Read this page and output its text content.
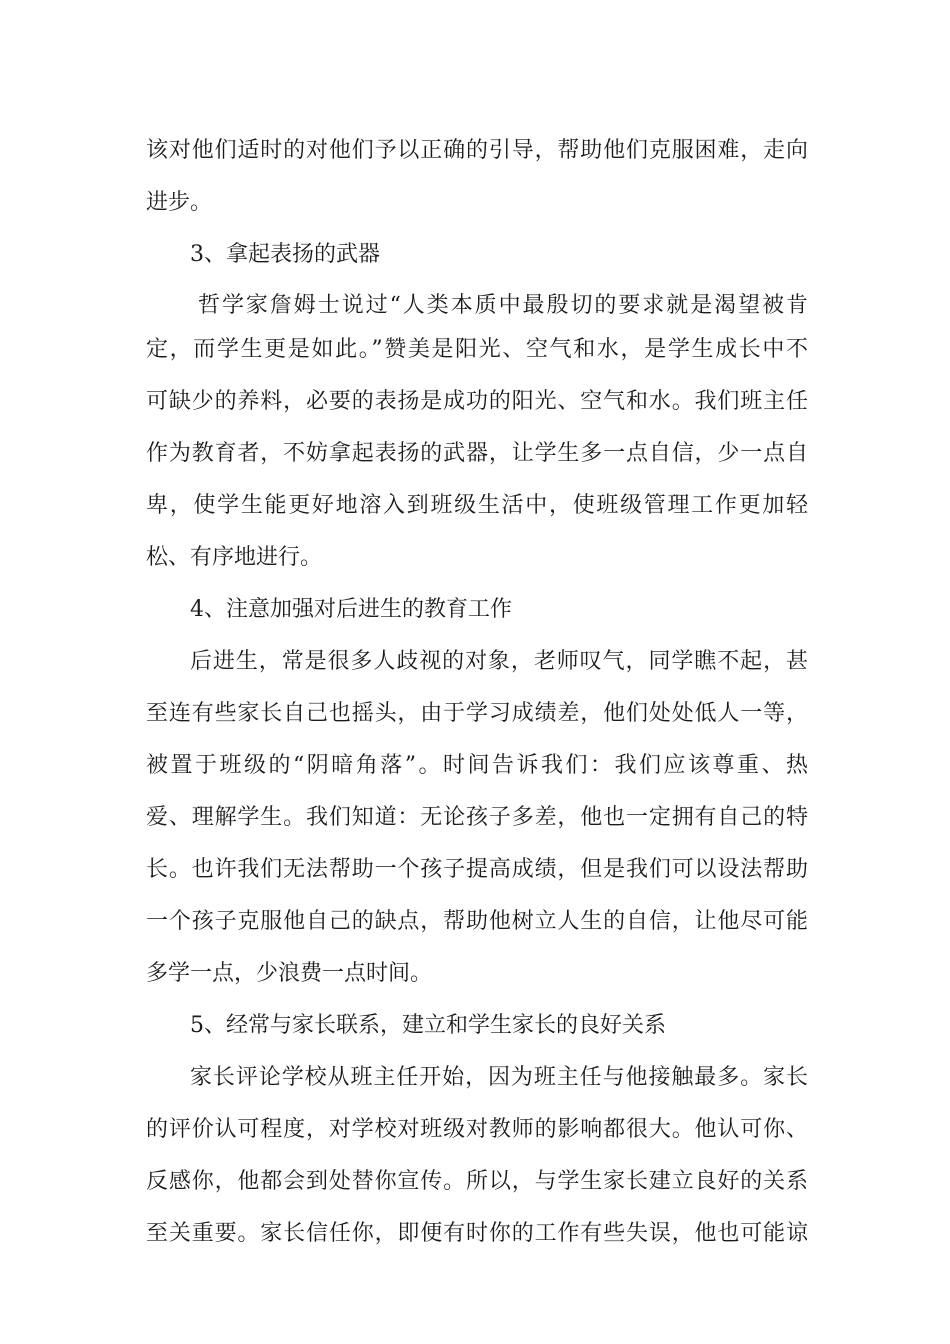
该对他们适时的对他们予以正确的引导，帮助他们克服困难，走向
进步。
3、拿起表扬的武器
哲学家詹姆士说过“人类本质中最殷切的要求就是渴望被肯
定，而学生更是如此。”赞美是阳光、空气和水，是学生成长中不
可缺少的养料，必要的表扬是成功的阳光、空气和水。我们班主任
作为教育者，不妨拿起表扬的武器，让学生多一点自信，少一点自
卑，使学生能更好地溶入到班级生活中，使班级管理工作更加轻
松、有序地进行。
4、注意加强对后进生的教育工作
后进生，常是很多人歧视的对象，老师叹气，同学瞧不起，甚
至连有些家长自己也摇头，由于学习成绩差，他们处处低人一等，
被置于班级的“阴暗角落”。时间告诉我们：我们应该尊重、热
爱、理解学生。我们知道：无论孩子多差，他也一定拥有自己的特
长。也许我们无法帮助一个孩子提高成绩，但是我们可以设法帮助
一个孩子克服他自己的缺点，帮助他树立人生的自信，让他尽可能
多学一点，少浪费一点时间。
5、经常与家长联系，建立和学生家长的良好关系
家长评论学校从班主任开始，因为班主任与他接触最多。家长
的评价认可程度，对学校对班级对教师的影响都很大。他认可你、
反感你，他都会到处替你宣传。所以，与学生家长建立良好的关系
至关重要。家长信任你，即便有时你的工作有些失误，他也可能谅
